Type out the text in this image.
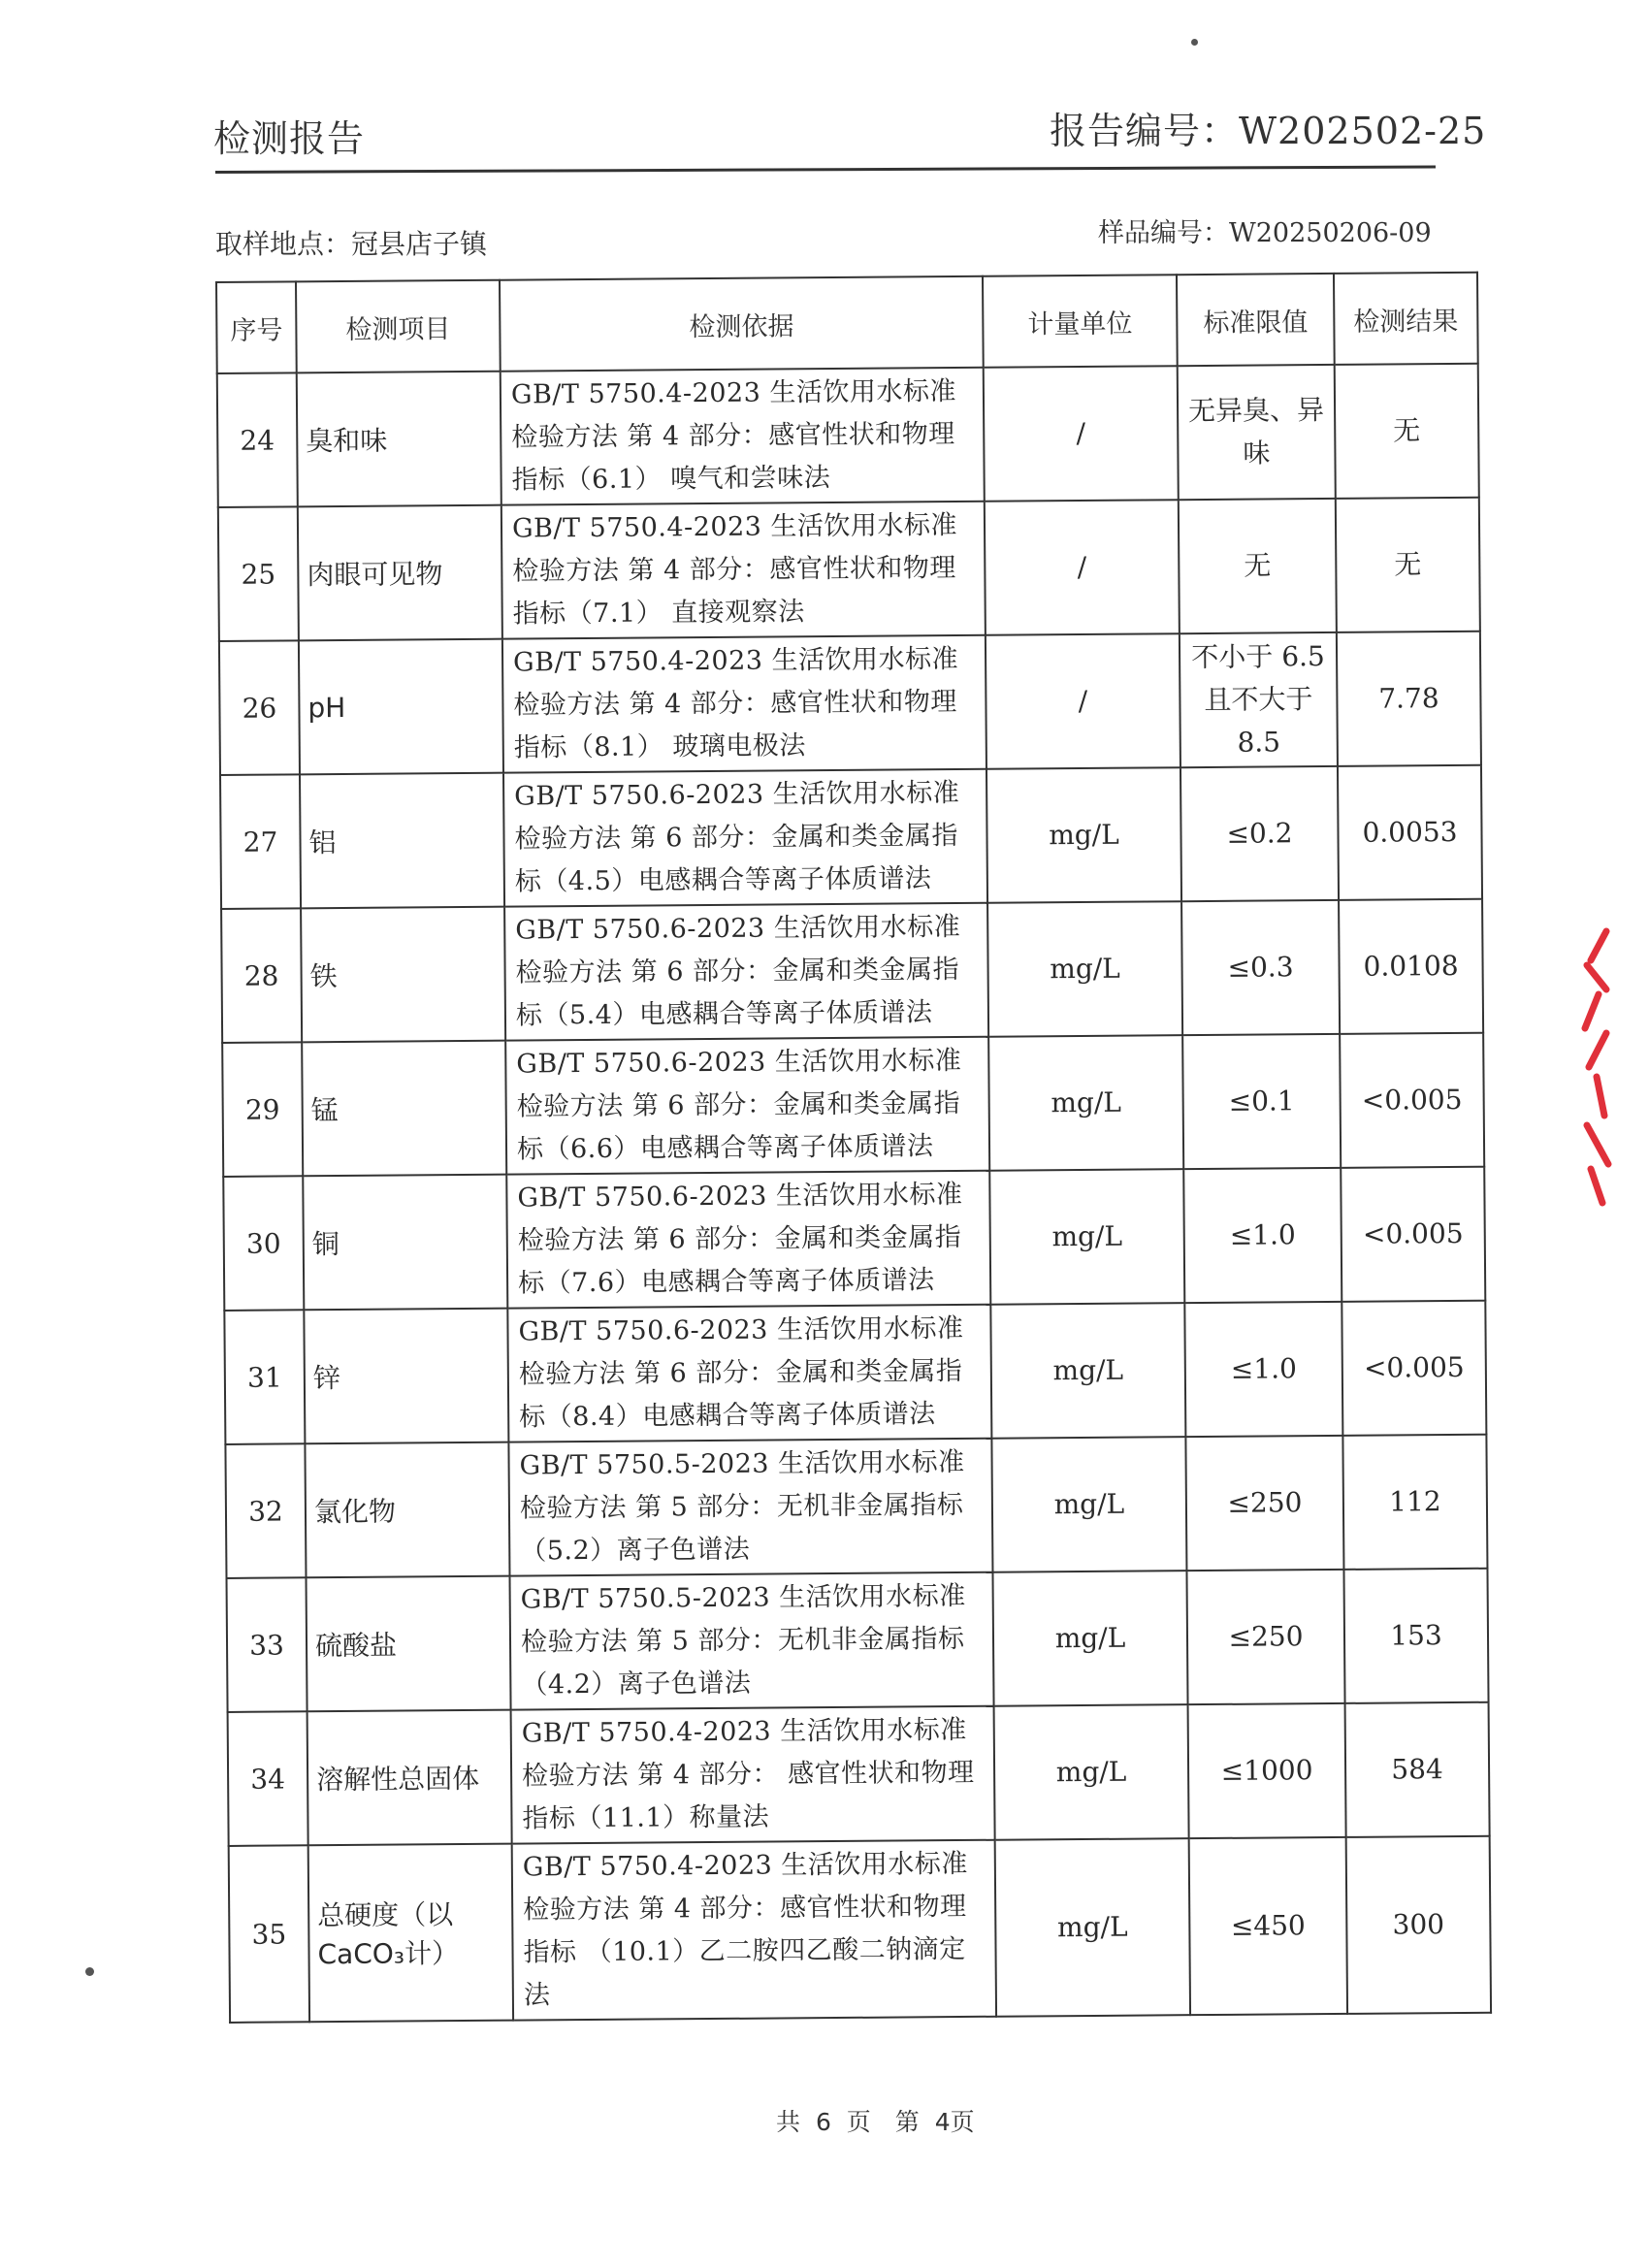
检测报告	报告编号：W202502-25
取样地点：冠县店子镇	样品编号：W20250206-09
序号	检测项目	检测依据	计量单位	标准限值	检测结果
24	臭和味	GB/T 5750.4-2023 生活饮用水标准检验方法 第 4 部分：感官性状和物理指标（6.1） 嗅气和尝味法	/	无异臭、异味	无
25	肉眼可见物	GB/T 5750.4-2023 生活饮用水标准检验方法 第 4 部分：感官性状和物理指标（7.1） 直接观察法	/	无	无
26	pH	GB/T 5750.4-2023 生活饮用水标准检验方法 第 4 部分：感官性状和物理指标（8.1） 玻璃电极法	/	不小于 6.5 且不大于 8.5	7.78
27	铝	GB/T 5750.6-2023 生活饮用水标准检验方法 第 6 部分：金属和类金属指标（4.5）电感耦合等离子体质谱法	mg/L	≤0.2	0.0053
28	铁	GB/T 5750.6-2023 生活饮用水标准检验方法 第 6 部分：金属和类金属指标（5.4）电感耦合等离子体质谱法	mg/L	≤0.3	0.0108
29	锰	GB/T 5750.6-2023 生活饮用水标准检验方法 第 6 部分：金属和类金属指标（6.6）电感耦合等离子体质谱法	mg/L	≤0.1	<0.005
30	铜	GB/T 5750.6-2023 生活饮用水标准检验方法 第 6 部分：金属和类金属指标（7.6）电感耦合等离子体质谱法	mg/L	≤1.0	<0.005
31	锌	GB/T 5750.6-2023 生活饮用水标准检验方法 第 6 部分：金属和类金属指标（8.4）电感耦合等离子体质谱法	mg/L	≤1.0	<0.005
32	氯化物	GB/T 5750.5-2023 生活饮用水标准检验方法 第 5 部分：无机非金属指标（5.2）离子色谱法	mg/L	≤250	112
33	硫酸盐	GB/T 5750.5-2023 生活饮用水标准检验方法 第 5 部分：无机非金属指标（4.2）离子色谱法	mg/L	≤250	153
34	溶解性总固体	GB/T 5750.4-2023 生活饮用水标准检验方法 第 4 部分： 感官性状和物理指标（11.1）称量法	mg/L	≤1000	584
35	总硬度（以CaCO₃计）	GB/T 5750.4-2023 生活饮用水标准检验方法 第 4 部分：感官性状和物理指标 （10.1）乙二胺四乙酸二钠滴定法	mg/L	≤450	300
共 6 页　第 4页
